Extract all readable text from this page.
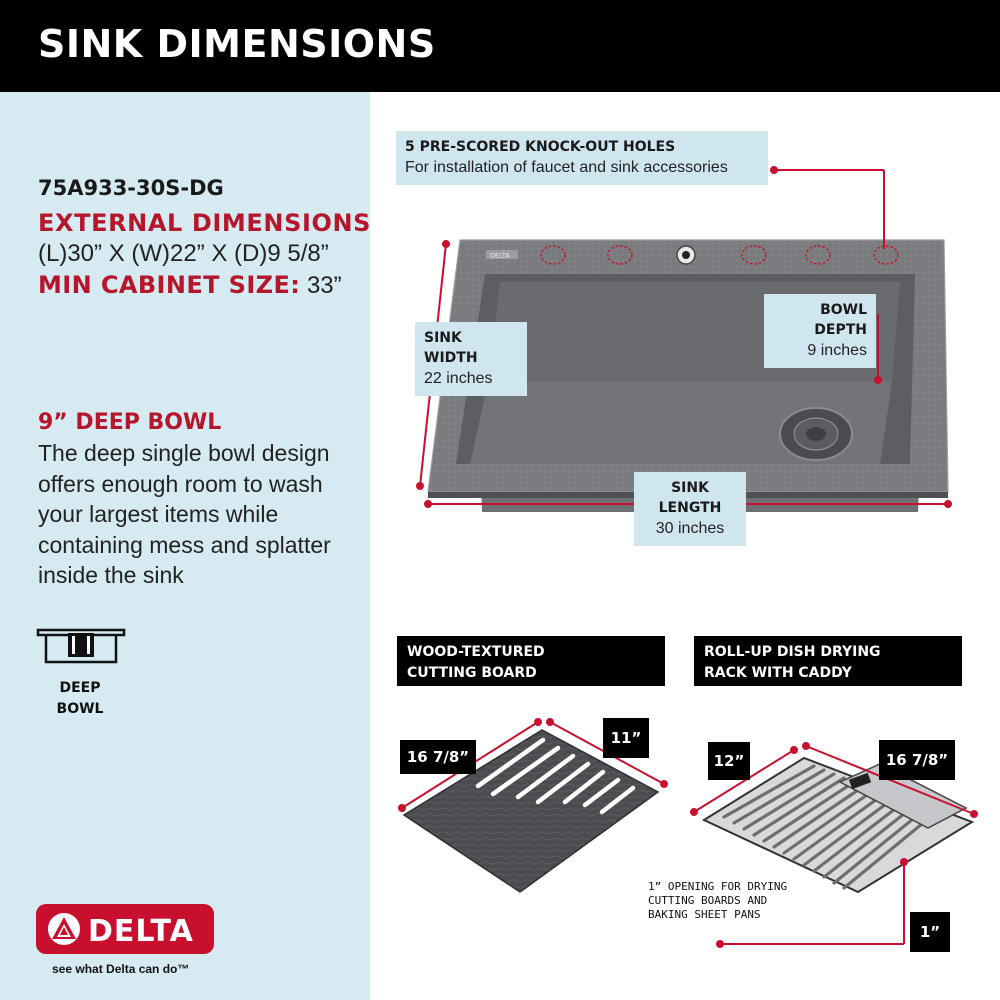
SINK DIMENSIONS
75A933-30S-DG
EXTERNAL DIMENSIONS
(L)30” X (W)22” X (D)9 5/8”
MIN CABINET SIZE: 33”
9” DEEP BOWL
The deep single bowl design offers enough room to wash your largest items while containing mess and splatter inside the sink
DEEP
BOWL
DELTA
see what Delta can do™
DELTA
5 PRE-SCORED KNOCK-OUT HOLES
For installation of faucet and sink accessories
SINK WIDTH
22 inches
BOWL DEPTH
9 inches
SINK LENGTH
30 inches
WOOD-TEXTURED
CUTTING BOARD
ROLL-UP DISH DRYING
RACK WITH CADDY
16 7/8”
11”
12”	16 7/8”
1”
1” OPENING FOR DRYING CUTTING BOARDS AND BAKING SHEET PANS
